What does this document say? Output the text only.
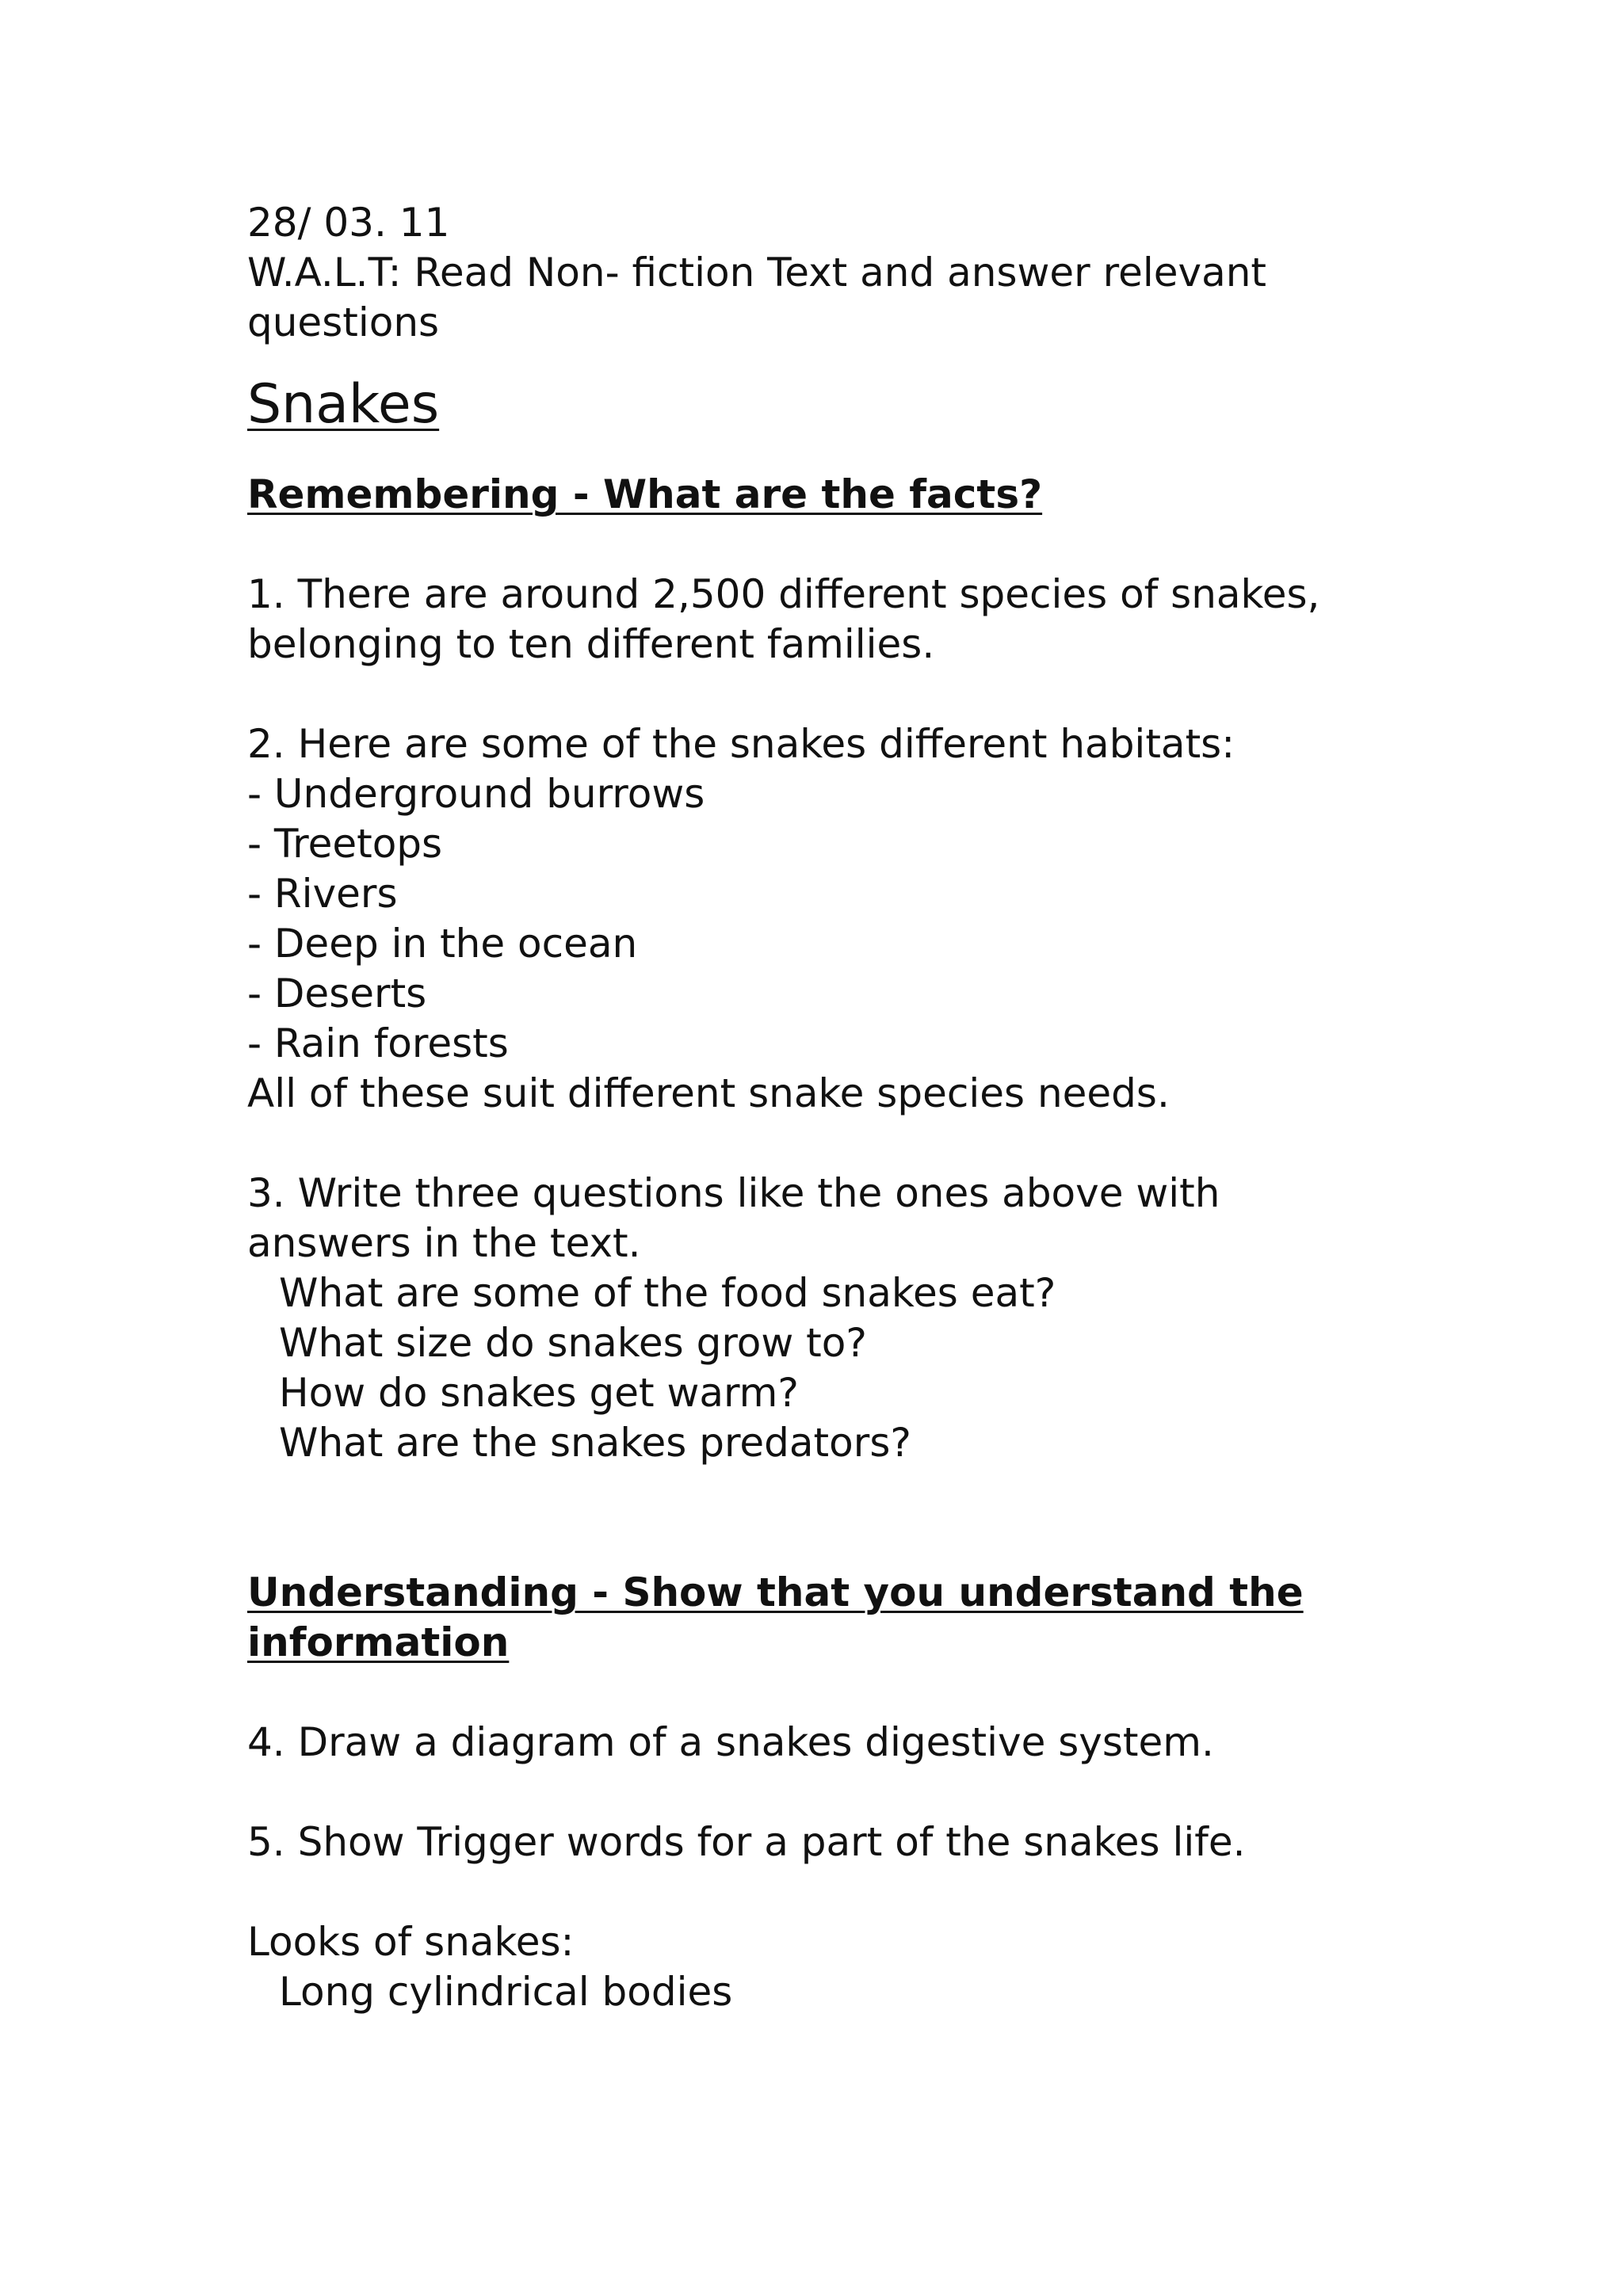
28/ 03. 11
W.A.L.T: Read Non- fiction Text and answer relevant
questions
Snakes
Remembering - What are the facts?
1. There are around 2,500 different species of snakes,
belonging to ten different families.
2. Here are some of the snakes different habitats:
- Underground burrows
- Treetops
- Rivers
- Deep in the ocean
- Deserts
- Rain forests
All of these suit different snake species needs.
3. Write three questions like the ones above with
answers in the text.
What are some of the food snakes eat?
What size do snakes grow to?
How do snakes get warm?
What are the snakes predators?
Understanding - Show that you understand the
information
4. Draw a diagram of a snakes digestive system.
5. Show Trigger words for a part of the snakes life.
Looks of snakes:
Long cylindrical bodies
